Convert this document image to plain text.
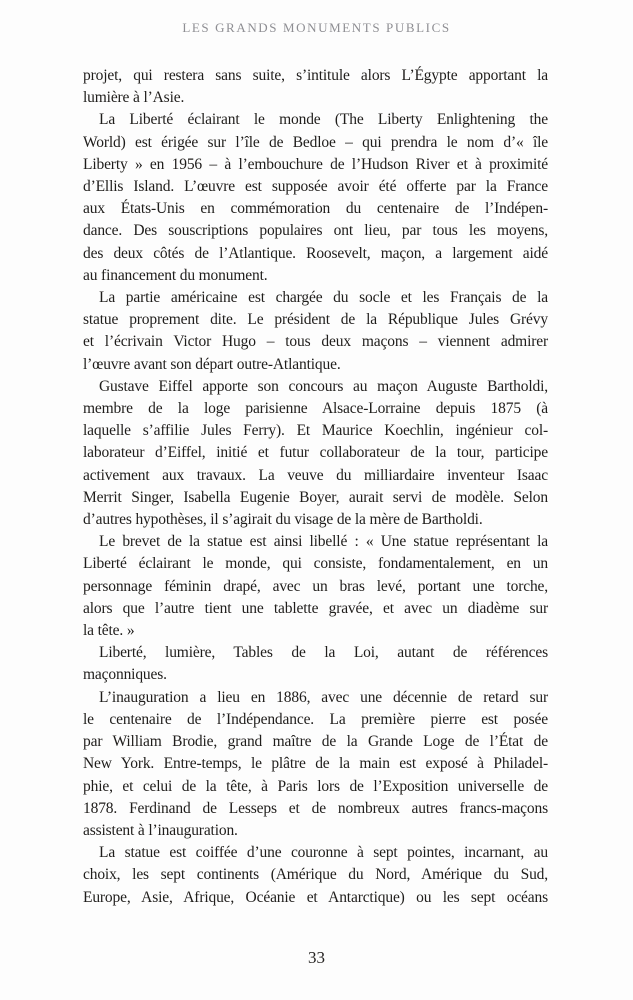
LES GRANDS MONUMENTS PUBLICS
projet, qui restera sans suite, s’intitule alors L’Égypte apportant la
lumière à l’Asie.
La Liberté éclairant le monde (The Liberty Enlightening the
World) est érigée sur l’île de Bedloe – qui prendra le nom d’« île
Liberty » en 1956 – à l’embouchure de l’Hudson River et à proximité
d’Ellis Island. L’œuvre est supposée avoir été offerte par la France
aux États-Unis en commémoration du centenaire de l’Indépen-
dance. Des souscriptions populaires ont lieu, par tous les moyens,
des deux côtés de l’Atlantique. Roosevelt, maçon, a largement aidé
au financement du monument.
La partie américaine est chargée du socle et les Français de la
statue proprement dite. Le président de la République Jules Grévy
et l’écrivain Victor Hugo – tous deux maçons – viennent admirer
l’œuvre avant son départ outre-Atlantique.
Gustave Eiffel apporte son concours au maçon Auguste Bartholdi,
membre de la loge parisienne Alsace-Lorraine depuis 1875 (à
laquelle s’affilie Jules Ferry). Et Maurice Koechlin, ingénieur col-
laborateur d’Eiffel, initié et futur collaborateur de la tour, participe
activement aux travaux. La veuve du milliardaire inventeur Isaac
Merrit Singer, Isabella Eugenie Boyer, aurait servi de modèle. Selon
d’autres hypothèses, il s’agirait du visage de la mère de Bartholdi.
Le brevet de la statue est ainsi libellé : « Une statue représentant la
Liberté éclairant le monde, qui consiste, fondamentalement, en un
personnage féminin drapé, avec un bras levé, portant une torche,
alors que l’autre tient une tablette gravée, et avec un diadème sur
la tête. »
Liberté, lumière, Tables de la Loi, autant de références
maçonniques.
L’inauguration a lieu en 1886, avec une décennie de retard sur
le centenaire de l’Indépendance. La première pierre est posée
par William Brodie, grand maître de la Grande Loge de l’État de
New York. Entre-temps, le plâtre de la main est exposé à Philadel-
phie, et celui de la tête, à Paris lors de l’Exposition universelle de
1878. Ferdinand de Lesseps et de nombreux autres francs-maçons
assistent à l’inauguration.
La statue est coiffée d’une couronne à sept pointes, incarnant, au
choix, les sept continents (Amérique du Nord, Amérique du Sud,
Europe, Asie, Afrique, Océanie et Antarctique) ou les sept océans
33
